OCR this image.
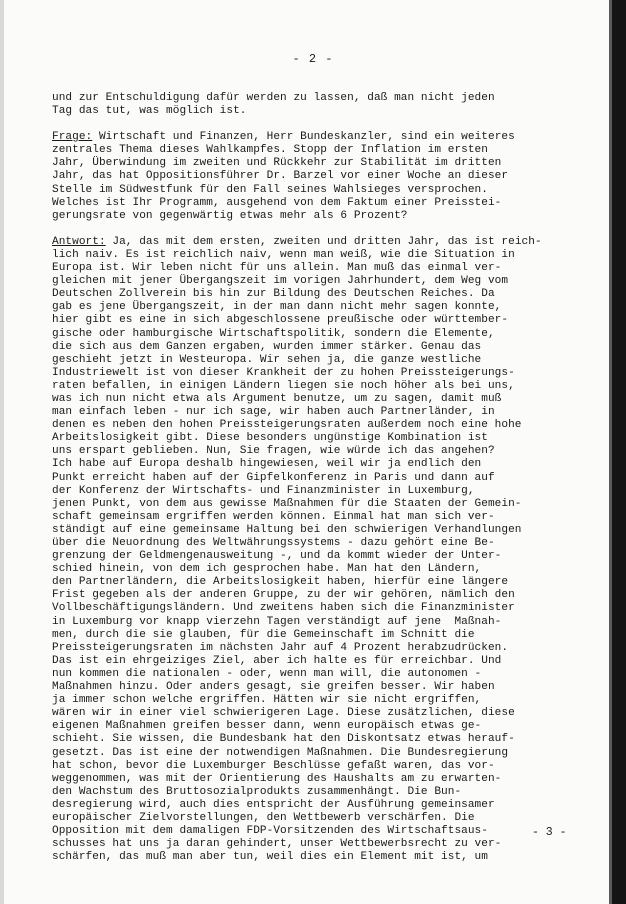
- 2 -
und zur Entschuldigung dafür werden zu lassen, daß man nicht jeden
Tag das tut, was möglich ist.
Frage: Wirtschaft und Finanzen, Herr Bundeskanzler, sind ein weiteres
zentrales Thema dieses Wahlkampfes. Stopp der Inflation im ersten
Jahr, Überwindung im zweiten und Rückkehr zur Stabilität im dritten
Jahr, das hat Oppositionsführer Dr. Barzel vor einer Woche an dieser
Stelle im Südwestfunk für den Fall seines Wahlsieges versprochen.
Welches ist Ihr Programm, ausgehend von dem Faktum einer Preisstei-
gerungsrate von gegenwärtig etwas mehr als 6 Prozent?
Antwort: Ja, das mit dem ersten, zweiten und dritten Jahr, das ist reich-
lich naiv. Es ist reichlich naiv, wenn man weiß, wie die Situation in
Europa ist. Wir leben nicht für uns allein. Man muß das einmal ver-
gleichen mit jener Übergangszeit im vorigen Jahrhundert, dem Weg vom
Deutschen Zollverein bis hin zur Bildung des Deutschen Reiches. Da
gab es jene Übergangszeit, in der man dann nicht mehr sagen konnte,
hier gibt es eine in sich abgeschlossene preußische oder württember-
gische oder hamburgische Wirtschaftspolitik, sondern die Elemente,
die sich aus dem Ganzen ergaben, wurden immer stärker. Genau das
geschieht jetzt in Westeuropa. Wir sehen ja, die ganze westliche
Industriewelt ist von dieser Krankheit der zu hohen Preissteigerungs-
raten befallen, in einigen Ländern liegen sie noch höher als bei uns,
was ich nun nicht etwa als Argument benutze, um zu sagen, damit muß
man einfach leben - nur ich sage, wir haben auch Partnerländer, in
denen es neben den hohen Preissteigerungsraten außerdem noch eine hohe
Arbeitslosigkeit gibt. Diese besonders ungünstige Kombination ist
uns erspart geblieben. Nun, Sie fragen, wie würde ich das angehen?
Ich habe auf Europa deshalb hingewiesen, weil wir ja endlich den
Punkt erreicht haben auf der Gipfelkonferenz in Paris und dann auf
der Konferenz der Wirtschafts- und Finanzminister in Luxemburg,
jenen Punkt, von dem aus gewisse Maßnahmen für die Staaten der Gemein-
schaft gemeinsam ergriffen werden können. Einmal hat man sich ver-
ständigt auf eine gemeinsame Haltung bei den schwierigen Verhandlungen
über die Neuordnung des Weltwährungssystems - dazu gehört eine Be-
grenzung der Geldmengenausweitung -, und da kommt wieder der Unter-
schied hinein, von dem ich gesprochen habe. Man hat den Ländern,
den Partnerländern, die Arbeitslosigkeit haben, hierfür eine längere
Frist gegeben als der anderen Gruppe, zu der wir gehören, nämlich den
Vollbeschäftigungsländern. Und zweitens haben sich die Finanzminister
in Luxemburg vor knapp vierzehn Tagen verständigt auf jene  Maßnah-
men, durch die sie glauben, für die Gemeinschaft im Schnitt die
Preissteigerungsraten im nächsten Jahr auf 4 Prozent herabzudrücken.
Das ist ein ehrgeiziges Ziel, aber ich halte es für erreichbar. Und
nun kommen die nationalen - oder, wenn man will, die autonomen -
Maßnahmen hinzu. Oder anders gesagt, sie greifen besser. Wir haben
ja immer schon welche ergriffen. Hätten wir sie nicht ergriffen,
wären wir in einer viel schwierigeren Lage. Diese zusätzlichen, diese
eigenen Maßnahmen greifen besser dann, wenn europäisch etwas ge-
schieht. Sie wissen, die Bundesbank hat den Diskontsatz etwas herauf-
gesetzt. Das ist eine der notwendigen Maßnahmen. Die Bundesregierung
hat schon, bevor die Luxemburger Beschlüsse gefaßt waren, das vor-
weggenommen, was mit der Orientierung des Haushalts am zu erwarten-
den Wachstum des Bruttosozialprodukts zusammenhängt. Die Bun-
desregierung wird, auch dies entspricht der Ausführung gemeinsamer
europäischer Zielvorstellungen, den Wettbewerb verschärfen. Die
Opposition mit dem damaligen FDP-Vorsitzenden des Wirtschaftsaus-
schusses hat uns ja daran gehindert, unser Wettbewerbsrecht zu ver-
schärfen, das muß man aber tun, weil dies ein Element mit ist, um
- 3 -
